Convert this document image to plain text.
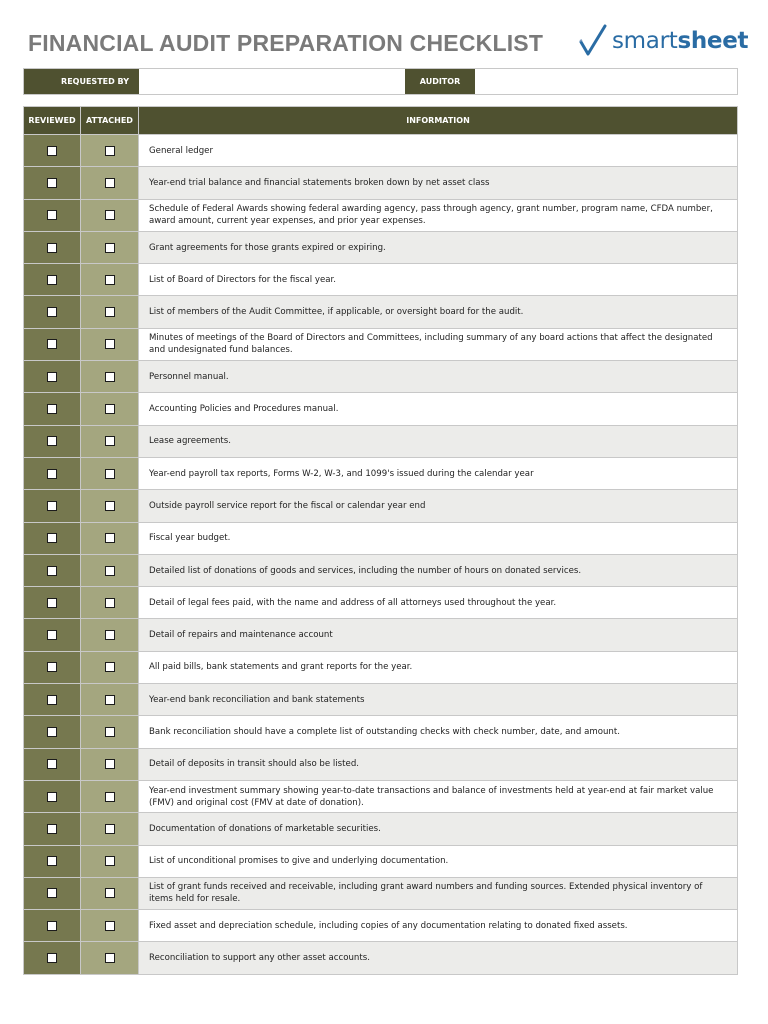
FINANCIAL AUDIT PREPARATION CHECKLIST	smartsheet
REQUESTED BY	AUDITOR
REVIEWED	ATTACHED	INFORMATION
General ledger
Year-end trial balance and financial statements broken down by net asset class
Schedule of Federal Awards showing federal awarding agency, pass through agency, grant number, program name, CFDA number, award amount, current year expenses, and prior year expenses.
Grant agreements for those grants expired or expiring.
List of Board of Directors for the fiscal year.
List of members of the Audit Committee, if applicable, or oversight board for the audit.
Minutes of meetings of the Board of Directors and Committees, including summary of any board actions that affect the designated and undesignated fund balances.
Personnel manual.
Accounting Policies and Procedures manual.
Lease agreements.
Year-end payroll tax reports, Forms W-2, W-3, and 1099's issued during the calendar year
Outside payroll service report for the fiscal or calendar year end
Fiscal year budget.
Detailed list of donations of goods and services, including the number of hours on donated services.
Detail of legal fees paid, with the name and address of all attorneys used throughout the year.
Detail of repairs and maintenance account
All paid bills, bank statements and grant reports for the year.
Year-end bank reconciliation and bank statements
Bank reconciliation should have a complete list of outstanding checks with check number, date, and amount.
Detail of deposits in transit should also be listed.
Year-end investment summary showing year-to-date transactions and balance of investments held at year-end at fair market value (FMV) and original cost (FMV at date of donation).
Documentation of donations of marketable securities.
List of unconditional promises to give and underlying documentation.
List of grant funds received and receivable, including grant award numbers and funding sources. Extended physical inventory of items held for resale.
Fixed asset and depreciation schedule, including copies of any documentation relating to donated fixed assets.
Reconciliation to support any other asset accounts.
